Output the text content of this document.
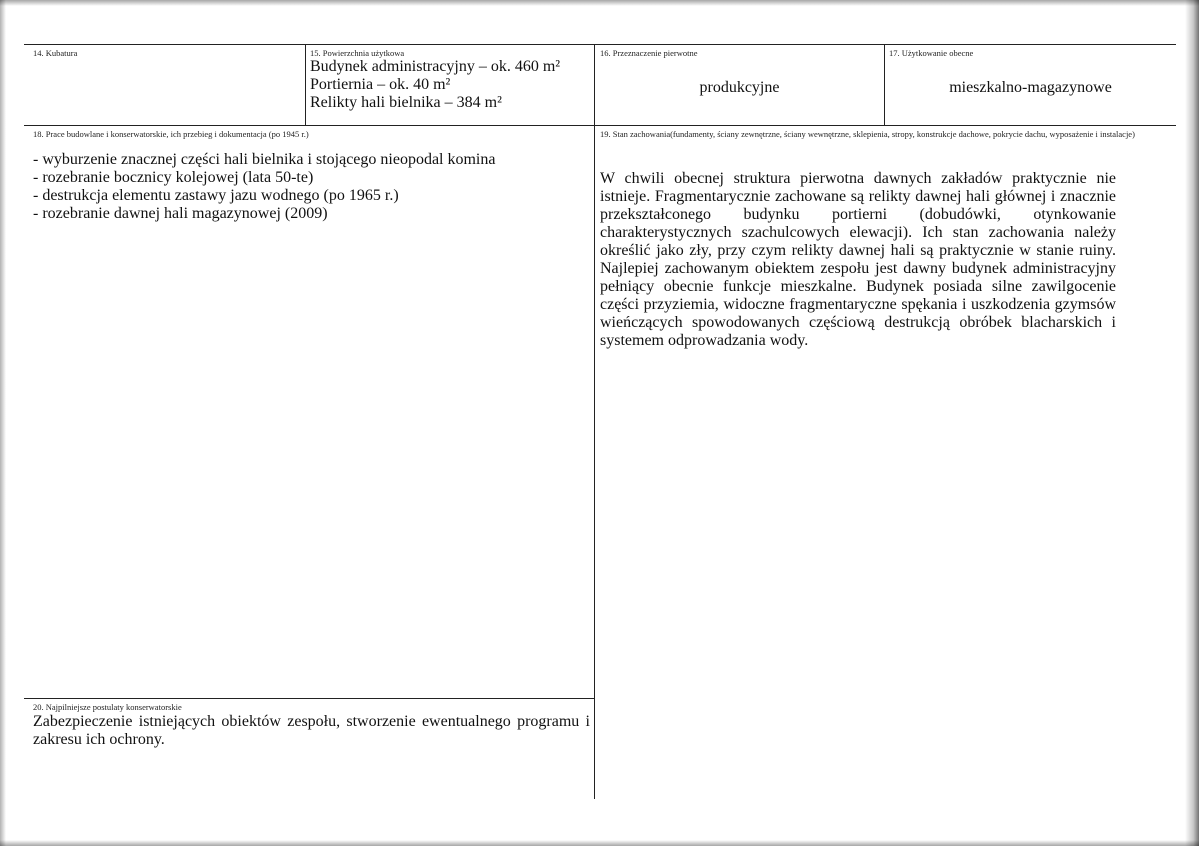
14. Kubatura	15. Powierzchnia użytkowa
Budynek administracyjny – ok. 460 m²
Portiernia – ok. 40 m²
Relikty hali bielnika – 384 m²
16. Przeznaczenie pierwotne
produkcyjne
17. Użytkowanie obecne
mieszkalno-magazynowe
18. Prace budowlane i konserwatorskie, ich przebieg i dokumentacja (po 1945 r.)
- wyburzenie znacznej części hali bielnika i stojącego nieopodal komina
- rozebranie bocznicy kolejowej (lata 50-te)
- destrukcja elementu zastawy jazu wodnego (po 1965 r.)
- rozebranie dawnej hali magazynowej (2009)
19. Stan zachowania(fundamenty, ściany zewnętrzne, ściany wewnętrzne, sklepienia, stropy, konstrukcje dachowe, pokrycie dachu, wyposażenie i instalacje)
W chwili obecnej struktura pierwotna dawnych zakładów praktycznie nie istnieje. Fragmentarycznie zachowane są relikty dawnej hali głównej i znacznie przekształconego budynku portierni (dobudówki, otynkowanie charakterystycznych szachulcowych elewacji). Ich stan zachowania należy określić jako zły, przy czym relikty dawnej hali są praktycznie w stanie ruiny. Najlepiej zachowanym obiektem zespołu jest dawny budynek administracyjny pełniący obecnie funkcje mieszkalne. Budynek posiada silne zawilgocenie części przyziemia, widoczne fragmentaryczne spękania i uszkodzenia gzymsów wieńczących spowodowanych częściową destrukcją obróbek blacharskich i systemem odprowadzania wody.
20. Najpilniejsze postulaty konserwatorskie
Zabezpieczenie istniejących obiektów zespołu, stworzenie ewentualnego programu i zakresu ich ochrony.
